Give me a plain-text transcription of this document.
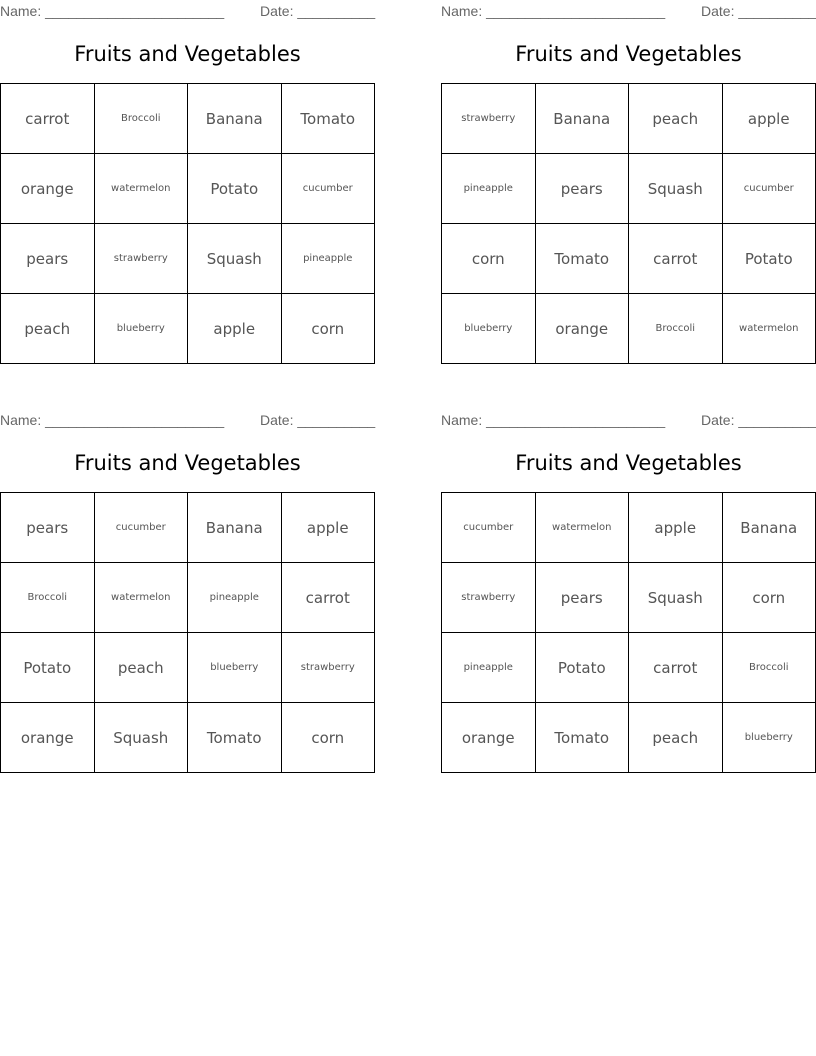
Name: _______________________	Date: __________
Fruits and Vegetables
carrot	Broccoli	Banana	Tomato
orange	watermelon	Potato	cucumber
pears	strawberry	Squash	pineapple
peach	blueberry	apple	corn
Name: _______________________	Date: __________
Fruits and Vegetables
strawberry	Banana	peach	apple
pineapple	pears	Squash	cucumber
corn	Tomato	carrot	Potato
blueberry	orange	Broccoli	watermelon
Name: _______________________	Date: __________
Fruits and Vegetables
pears	cucumber	Banana	apple
Broccoli	watermelon	pineapple	carrot
Potato	peach	blueberry	strawberry
orange	Squash	Tomato	corn
Name: _______________________	Date: __________
Fruits and Vegetables
cucumber	watermelon	apple	Banana
strawberry	pears	Squash	corn
pineapple	Potato	carrot	Broccoli
orange	Tomato	peach	blueberry
